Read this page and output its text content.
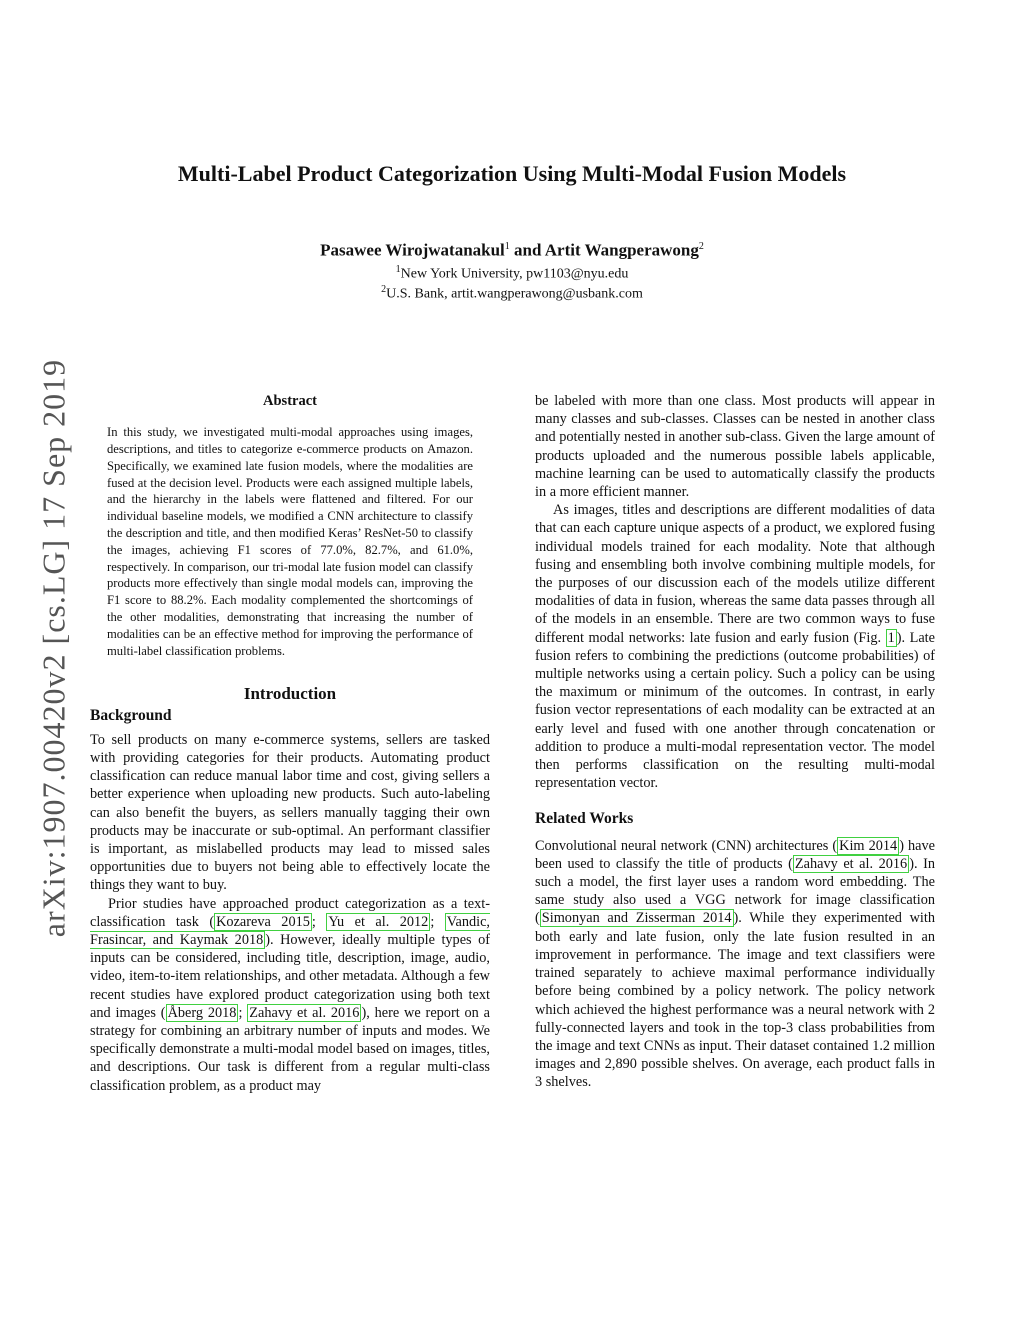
Multi-Label Product Categorization Using Multi-Modal Fusion Models
Pasawee Wirojwatanakul$^1$ and Artit Wangperawong$^2$
$^1$New York University, pw1103@nyu.edu
$^2$U.S. Bank, artit.wangperawong@usbank.com
arXiv:1907.00420v2 [cs.LG] 17 Sep 2019	Abstract
In this study, we investigated multi-modal approaches using images, descriptions, and titles to categorize e-commerce products on Amazon. Specifically, we examined late fusion models, where the modalities are fused at the decision level. Products were each assigned multiple labels, and the hierarchy in the labels were flattened and filtered. For our individual baseline models, we modified a CNN architecture to classify the description and title, and then modified Keras’ ResNet-50 to classify the images, achieving F1 scores of 77.0%, 82.7%, and 61.0%, respectively. In comparison, our tri-modal late fusion model can classify products more effectively than single modal models can, improving the F1 score to 88.2%. Each modality complemented the shortcomings of the other modalities, demonstrating that increasing the number of modalities can be an effective method for improving the performance of multi-label classification problems.
Introduction
Background

To sell products on many e-commerce systems, sellers are tasked with providing categories for their products. Automating product classification can reduce manual labor time and cost, giving sellers a better experience when uploading new products. Such auto-labeling can also benefit the buyers, as sellers manually tagging their own products may be inaccurate or sub-optimal. An performant classifier is important, as mislabelled products may lead to missed sales opportunities due to buyers not being able to effectively locate the things they want to buy.

Prior studies have approached product categorization as a text-classification task ( Kozareva 2015 ; Yu et al. 2012 ; Vandic, Frasincar, and Kaymak 2018 ). However, ideally multiple types of inputs can be considered, including title, description, image, audio, video, item-to-item relationships, and other metadata. Although a few recent studies have explored product categorization using both text and images ( Åberg 2018 ; Zahavy et al. 2016 ), here we report on a strategy for combining an arbitrary number of inputs and modes. We specifically demonstrate a multi-modal model based on images, titles, and descriptions. Our task is different from a regular multi-class classification problem, as a product may

be labeled with more than one class. Most products will appear in many classes and sub-classes. Classes can be nested in another class and potentially nested in another sub-class. Given the large amount of products uploaded and the numerous possible labels applicable, machine learning can be used to automatically classify the products in a more efficient manner.

As images, titles and descriptions are different modalities of data that can each capture unique aspects of a product, we explored fusing individual models trained for each modality. Note that although fusing and ensembling both involve combining multiple models, for the purposes of our discussion each of the models utilize different modalities of data in fusion, whereas the same data passes through all of the models in an ensemble. There are two common ways to fuse different modal networks: late fusion and early fusion (Fig. 1 ). Late fusion refers to combining the predictions (outcome probabilities) of multiple networks using a certain policy. Such a policy can be using the maximum or minimum of the outcomes. In contrast, in early fusion vector representations of each modality can be extracted at an early level and fused with one another through concatenation or addition to produce a multi-modal representation vector. The model then performs classification on the resulting multi-modal representation vector.

Related Works

Convolutional neural network (CNN) architectures ( Kim 2014 ) have been used to classify the title of products ( Zahavy et al. 2016 ). In such a model, the first layer uses a random word embedding. The same study also used a VGG network for image classification ( Simonyan and Zisserman 2014 ). While they experimented with both early and late fusion, only the late fusion resulted in an improvement in performance. The image and text classifiers were trained separately to achieve maximal performance individually before being combined by a policy network. The policy network which achieved the highest performance was a neural network with 2 fully-connected layers and took in the top-3 class probabilities from the image and text CNNs as input. Their dataset contained 1.2 million images and 2,890 possible shelves. On average, each product falls in 3 shelves.
